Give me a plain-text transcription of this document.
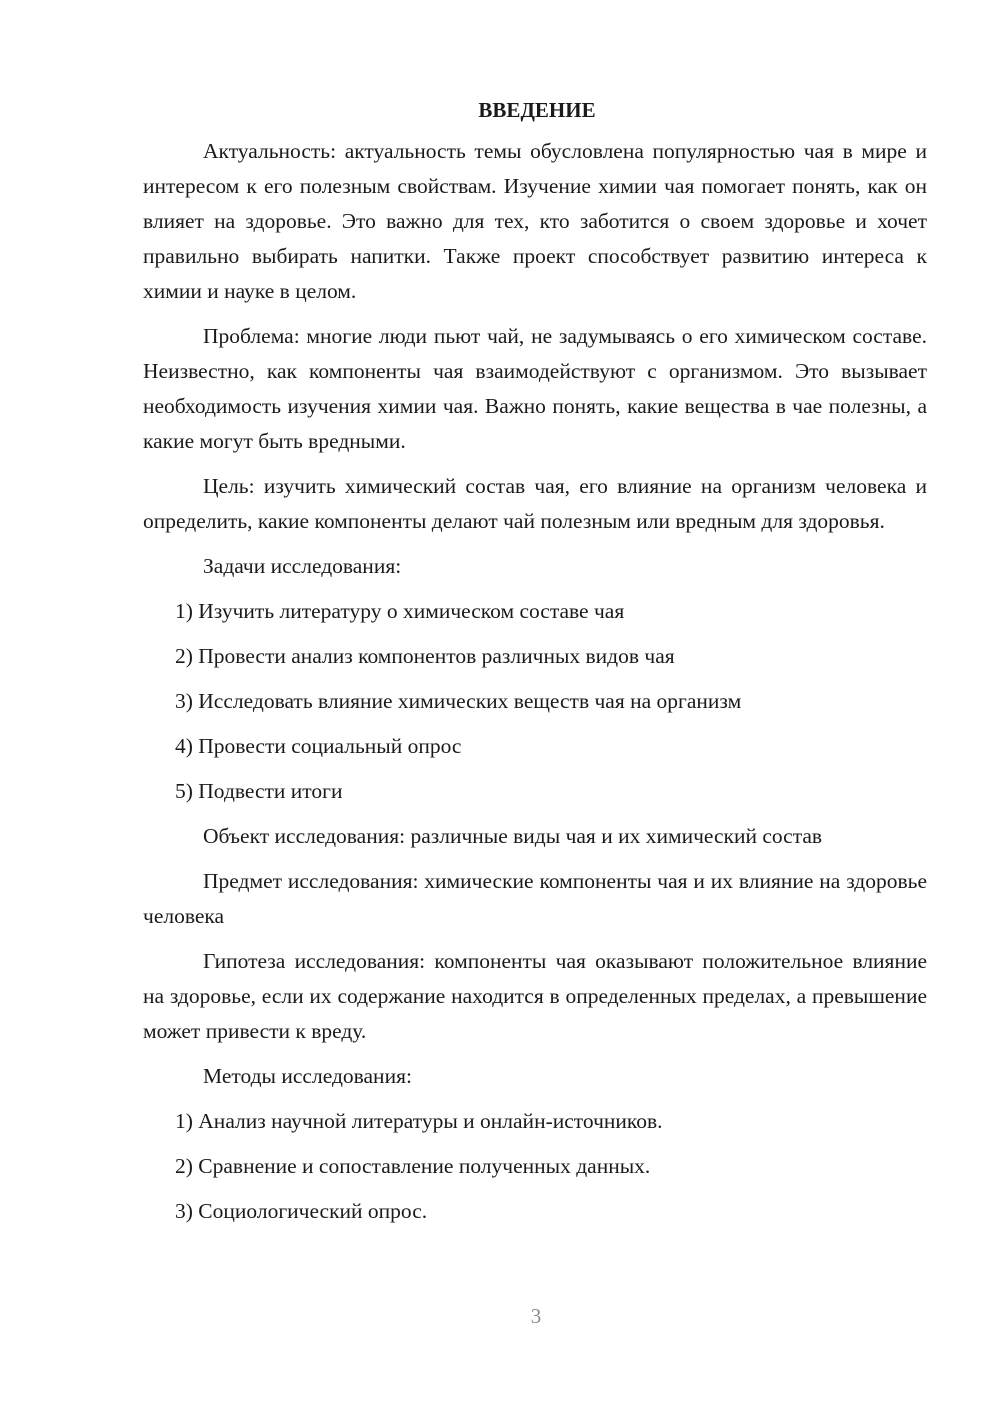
ВВЕДЕНИЕ

Актуальность: актуальность темы обусловлена популярностью чая в мире и интересом к его полезным свойствам. Изучение химии чая помогает понять, как он влияет на здоровье. Это важно для тех, кто заботится о своем здоровье и хочет правильно выбирать напитки. Также проект способствует развитию интереса к химии и науке в целом.

Проблема: многие люди пьют чай, не задумываясь о его химическом составе. Неизвестно, как компоненты чая взаимодействуют с организмом. Это вызывает необходимость изучения химии чая. Важно понять, какие вещества в чае полезны, а какие могут быть вредными.

Цель: изучить химический состав чая, его влияние на организм человека и определить, какие компоненты делают чай полезным или вредным для здоровья.

Задачи исследования:

1) Изучить литературу о химическом составе чая
2) Провести анализ компонентов различных видов чая
3) Исследовать влияние химических веществ чая на организм
4) Провести социальный опрос
5) Подвести итоги

Объект исследования: различные виды чая и их химический состав

Предмет исследования: химические компоненты чая и их влияние на здоровье человека

Гипотеза исследования: компоненты чая оказывают положительное влияние на здоровье, если их содержание находится в определенных пределах, а превышение может привести к вреду.

Методы исследования:

1) Анализ научной литературы и онлайн-источников.
2) Сравнение и сопоставление полученных данных.
3) Социологический опрос.
3
